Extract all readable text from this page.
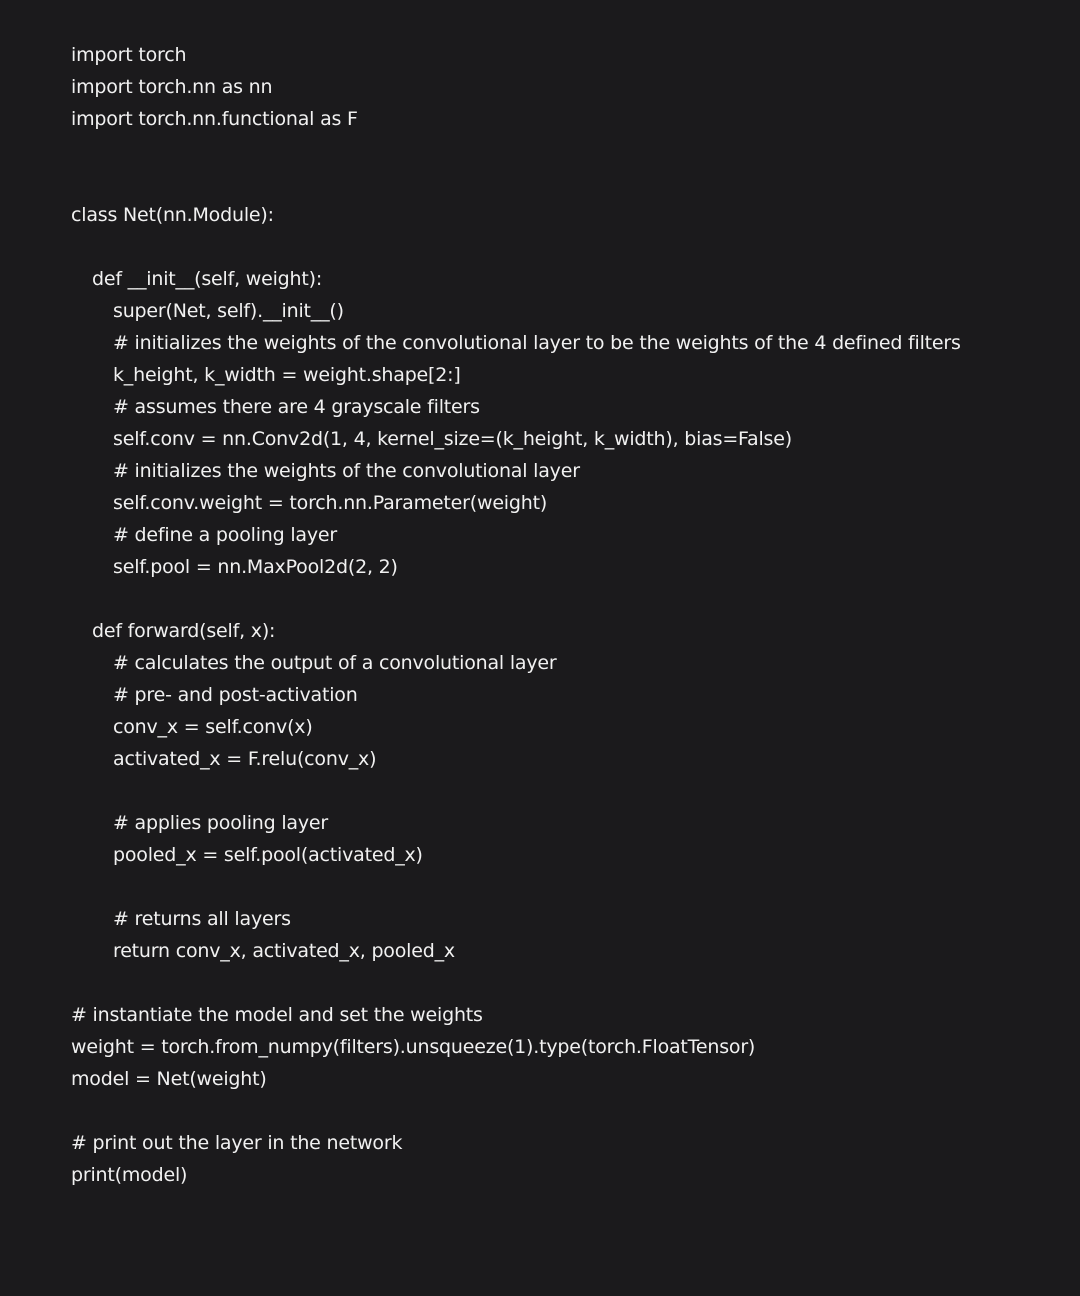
import torch
import torch.nn as nn
import torch.nn.functional as F

class Net(nn.Module):

def __init__(self, weight):
super(Net, self).__init__()
# initializes the weights of the convolutional layer to be the weights of the 4 defined filters
k_height, k_width = weight.shape[2:]
# assumes there are 4 grayscale filters
self.conv = nn.Conv2d(1, 4, kernel_size=(k_height, k_width), bias=False)
# initializes the weights of the convolutional layer
self.conv.weight = torch.nn.Parameter(weight)
# define a pooling layer
self.pool = nn.MaxPool2d(2, 2)

def forward(self, x):
# calculates the output of a convolutional layer
# pre- and post-activation
conv_x = self.conv(x)
activated_x = F.relu(conv_x)

# applies pooling layer
pooled_x = self.pool(activated_x)

# returns all layers
return conv_x, activated_x, pooled_x

# instantiate the model and set the weights
weight = torch.from_numpy(filters).unsqueeze(1).type(torch.FloatTensor)
model = Net(weight)

# print out the layer in the network
print(model)
